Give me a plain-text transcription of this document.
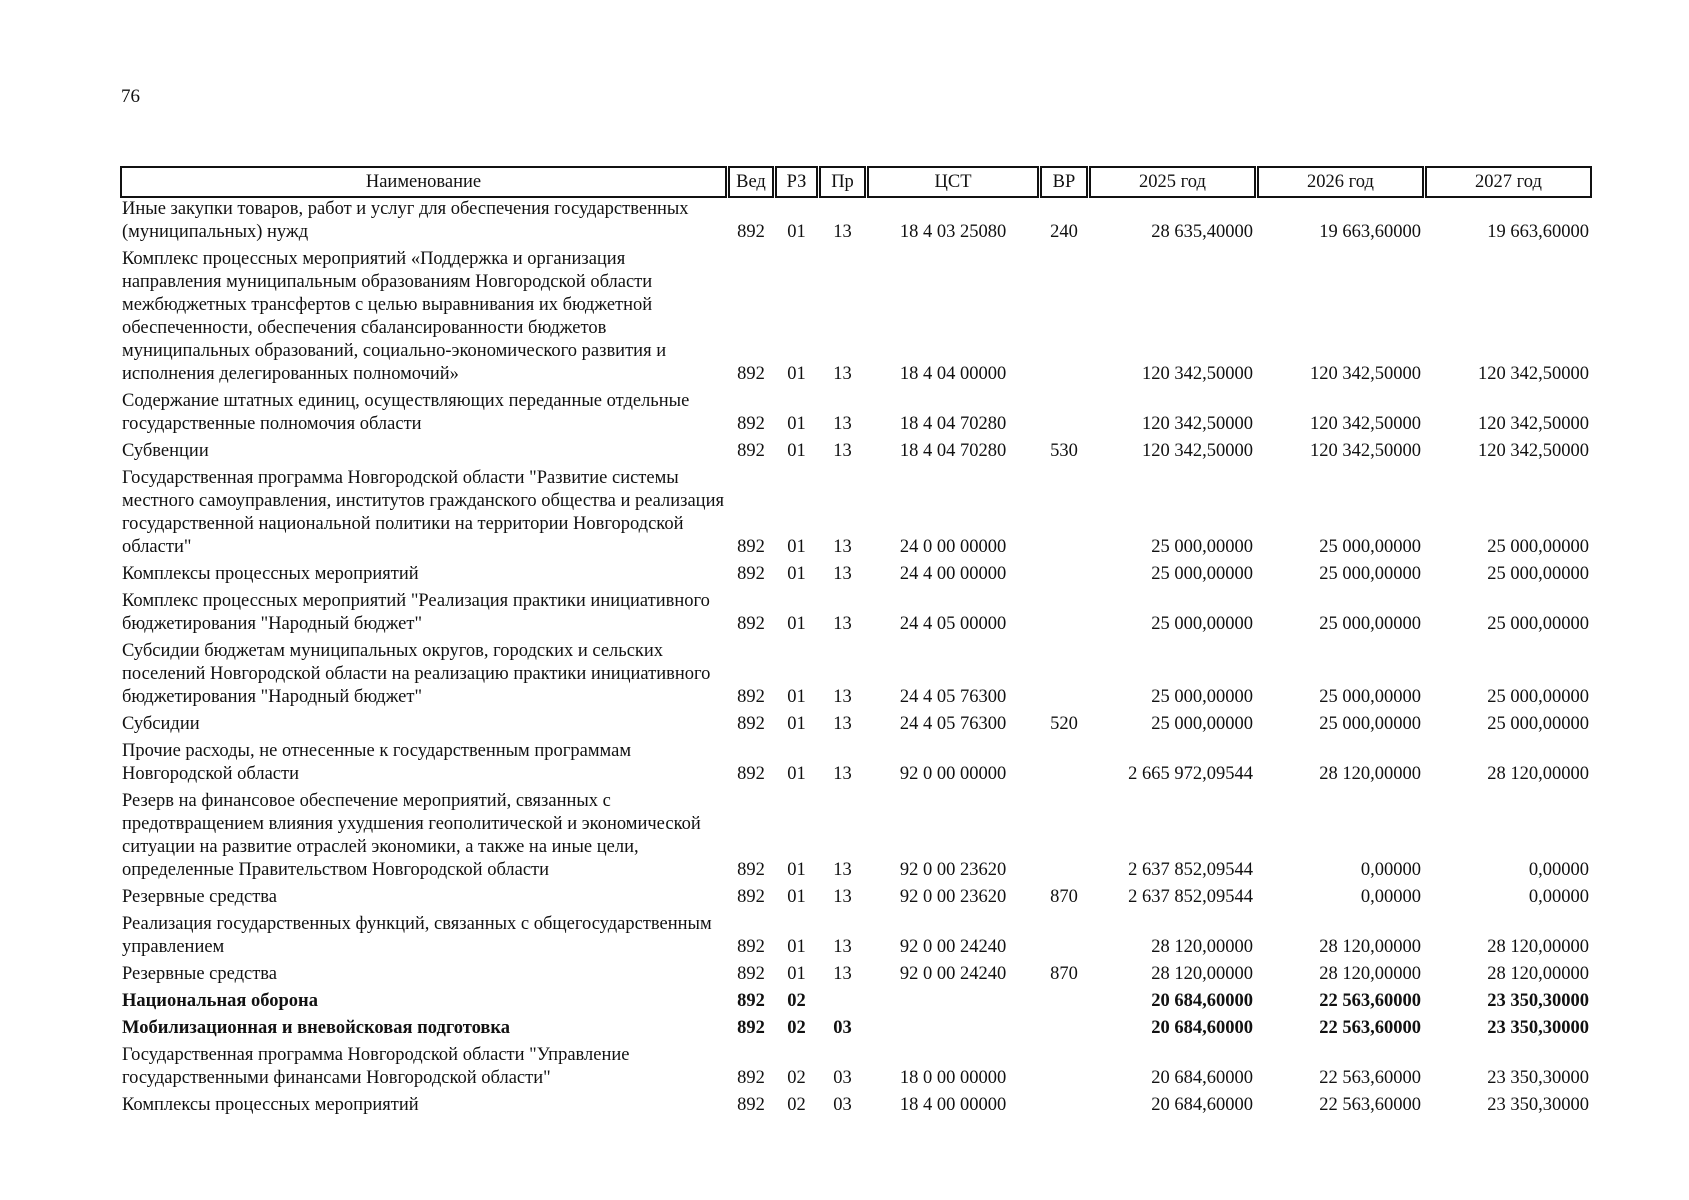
76
Наименование		Вед		РЗ		Пр		ЦСТ		ВР		2025 год		2026 год		2027 год
Иные закупки товаров, работ и услуг для обеспечения государственных (муниципальных) нужд		892		01		13		18 4 03 25080		240		28 635,40000		19 663,60000		19 663,60000
Комплекс процессных мероприятий «Поддержка и организация направления муниципальным образованиям Новгородской области межбюджетных трансфертов с целью выравнивания их бюджетной обеспеченности, обеспечения сбалансированности бюджетов муниципальных образований, социально-экономического развития и исполнения делегированных полномочий»		892		01		13		18 4 04 00000				120 342,50000		120 342,50000		120 342,50000
Содержание штатных единиц, осуществляющих переданные отдельные государственные полномочия области		892		01		13		18 4 04 70280				120 342,50000		120 342,50000		120 342,50000
Субвенции		892		01		13		18 4 04 70280		530		120 342,50000		120 342,50000		120 342,50000
Государственная программа Новгородской области "Развитие системы местного самоуправления, институтов гражданского общества и реализация государственной национальной политики на территории Новгородской области"		892		01		13		24 0 00 00000				25 000,00000		25 000,00000		25 000,00000
Комплексы процессных мероприятий		892		01		13		24 4 00 00000				25 000,00000		25 000,00000		25 000,00000
Комплекс процессных мероприятий "Реализация практики инициативного бюджетирования "Народный бюджет"		892		01		13		24 4 05 00000				25 000,00000		25 000,00000		25 000,00000
Субсидии бюджетам муниципальных округов, городских и сельских поселений Новгородской области на реализацию практики инициативного бюджетирования "Народный бюджет"		892		01		13		24 4 05 76300				25 000,00000		25 000,00000		25 000,00000
Субсидии		892		01		13		24 4 05 76300		520		25 000,00000		25 000,00000		25 000,00000
Прочие расходы, не отнесенные к государственным программам Новгородской области		892		01		13		92 0 00 00000				2 665 972,09544		28 120,00000		28 120,00000
Резерв на финансовое обеспечение мероприятий, связанных с предотвращением влияния ухудшения геополитической и экономической ситуации на развитие отраслей экономики, а также на иные цели, определенные Правительством Новгородской области		892		01		13		92 0 00 23620				2 637 852,09544		0,00000		0,00000
Резервные средства		892		01		13		92 0 00 23620		870		2 637 852,09544		0,00000		0,00000
Реализация государственных функций, связанных с общегосударственным управлением		892		01		13		92 0 00 24240				28 120,00000		28 120,00000		28 120,00000
Резервные средства		892		01		13		92 0 00 24240		870		28 120,00000		28 120,00000		28 120,00000
Национальная оборона		892		02								20 684,60000		22 563,60000		23 350,30000
Мобилизационная и вневойсковая подготовка		892		02		03						20 684,60000		22 563,60000		23 350,30000
Государственная программа Новгородской области "Управление государственными финансами Новгородской области"		892		02		03		18 0 00 00000				20 684,60000		22 563,60000		23 350,30000
Комплексы процессных мероприятий		892		02		03		18 4 00 00000				20 684,60000		22 563,60000		23 350,30000
